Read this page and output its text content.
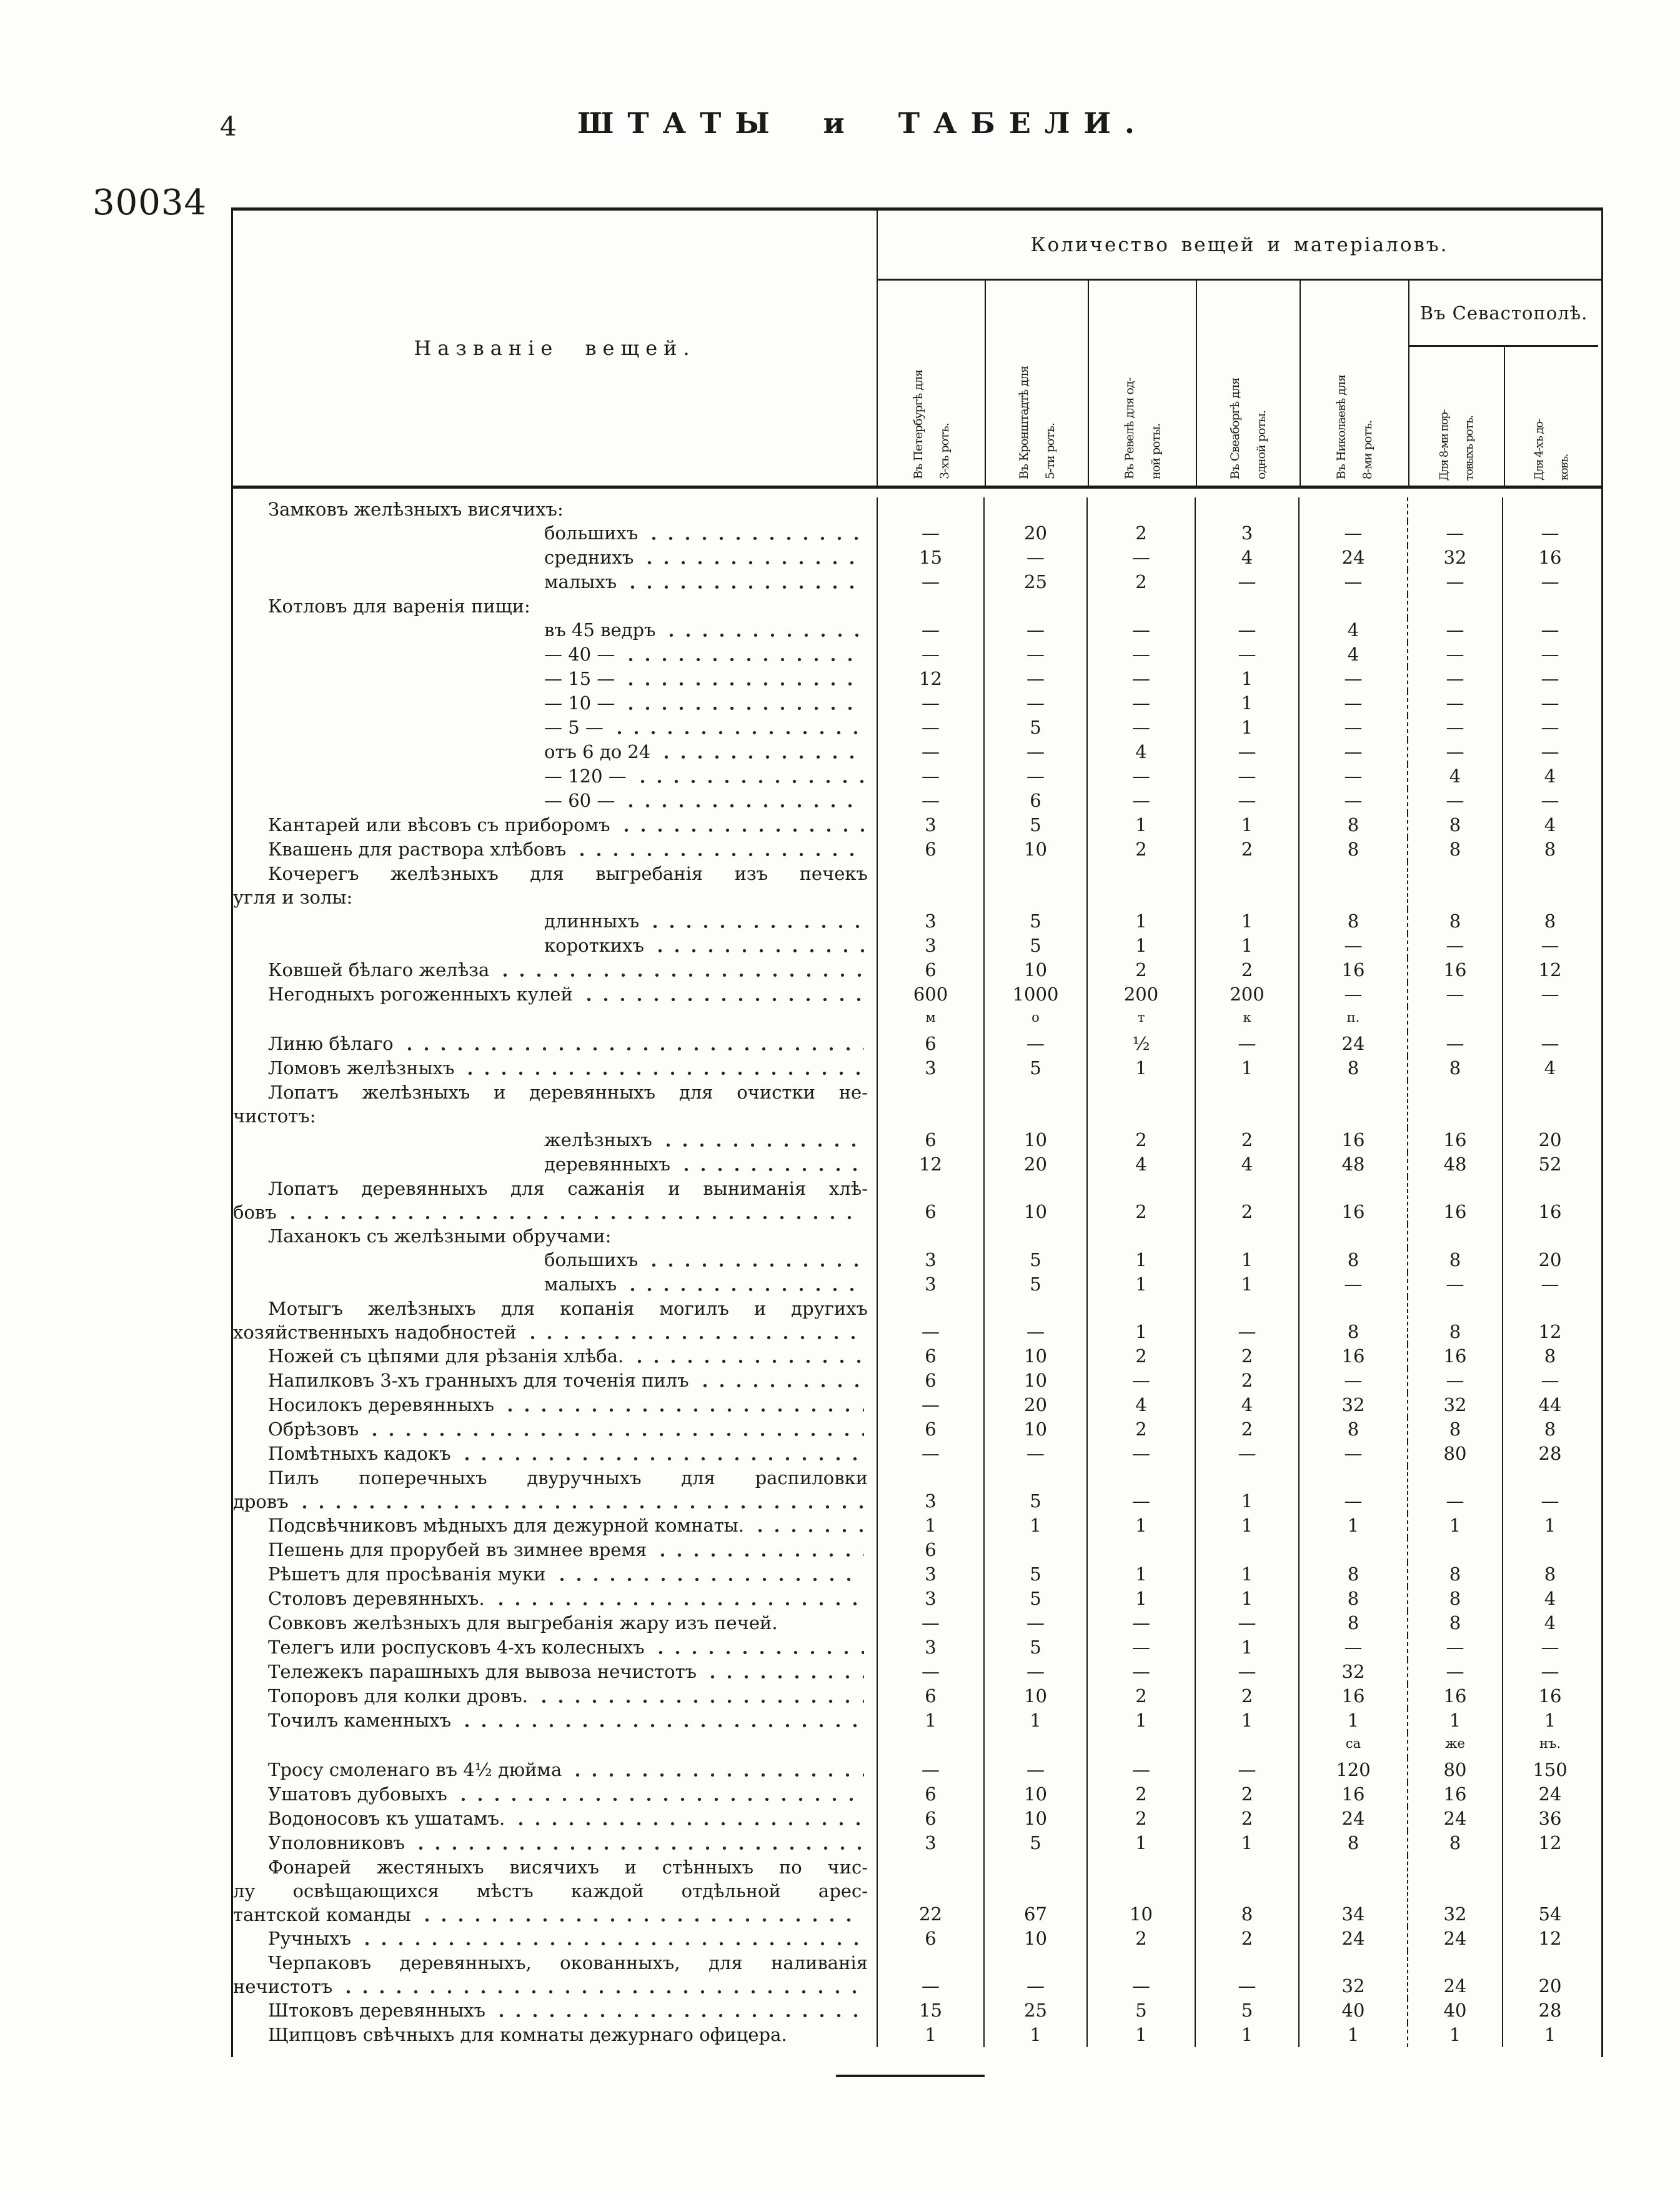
4	ШТАТЫ и ТАБЕЛИ.
30034
Названіе вещей.
Количество вещей и матеріаловъ.
Въ Петербургѣ для	3-хъ ротъ.	Въ Кронштадтѣ для	5-ти ротъ.	Въ Ревелѣ для од-	ной роты.	Въ Свеаборгѣ для	одной роты.	Въ Николаевѣ для	8-ми ротъ.
Въ Севастополѣ.
Для 8-ми пор-	товыхъ ротъ.	Для 4-хъ до-	ковъ.
Замковъ желѣзныхъ висячихъ:
большихъ	—	20	2	3	—	—	—
среднихъ	15	—	—	4	24	32	16
малыхъ	—	25	2	—	—	—	—
Котловъ для варенія пищи:
въ 45 ведръ	—	—	—	—	4	—	—
— 40 —	—	—	—	—	4	—	—
— 15 —	12	—	—	1	—	—	—
— 10 —	—	—	—	1	—	—	—
— 5 —	—	5	—	1	—	—	—
отъ 6 до 24	—	—	4	—	—	—	—
— 120 —	—	—	—	—	—	4	4
— 60 —	—	6	—	—	—	—	—
Кантарей или вѣсовъ съ приборомъ	3	5	1	1	8	8	4
Квашень для раствора хлѣбовъ	6	10	2	2	8	8	8
Кочерегъ желѣзныхъ для выгребанія изъ печекъ
угля и золы:
длинныхъ	3	5	1	1	8	8	8
короткихъ	3	5	1	1	—	—	—
Ковшей бѣлаго желѣза	6	10	2	2	16	16	12
Негодныхъ рогоженныхъ кулей	600	1000	200	200	—	—	—
м	о	т	к	п.
Линю бѣлаго	6	—	½	—	24	—	—
Ломовъ желѣзныхъ	3	5	1	1	8	8	4
Лопатъ желѣзныхъ и деревянныхъ для очистки не-
чистотъ:
желѣзныхъ	6	10	2	2	16	16	20
деревянныхъ	12	20	4	4	48	48	52
Лопатъ деревянныхъ для сажанія и выниманія хлѣ-
бовъ	6	10	2	2	16	16	16
Лаханокъ съ желѣзными обручами:
большихъ	3	5	1	1	8	8	20
малыхъ	3	5	1	1	—	—	—
Мотыгъ желѣзныхъ для копанія могилъ и другихъ
хозяйственныхъ надобностей	—	—	1	—	8	8	12
Ножей съ цѣпями для рѣзанія хлѣба.	6	10	2	2	16	16	8
Напилковъ 3-хъ гранныхъ для точенія пилъ	6	10	—	2	—	—	—
Носилокъ деревянныхъ	—	20	4	4	32	32	44
Обрѣзовъ	6	10	2	2	8	8	8
Помѣтныхъ кадокъ	—	—	—	—	—	80	28
Пилъ поперечныхъ двуручныхъ для распиловки
дровъ	3	5	—	1	—	—	—
Подсвѣчниковъ мѣдныхъ для дежурной комнаты.	1	1	1	1	1	1	1
Пешень для прорубей въ зимнее время	6
Рѣшетъ для просѣванія муки	3	5	1	1	8	8	8
Столовъ деревянныхъ.	3	5	1	1	8	8	4
Совковъ желѣзныхъ для выгребанія жару изъ печей.	—	—	—	—	8	8	4
Телегъ или роспусковъ 4-хъ колесныхъ	3	5	—	1	—	—	—
Тележекъ парашныхъ для вывоза нечистотъ	—	—	—	—	32	—	—
Топоровъ для колки дровъ.	6	10	2	2	16	16	16
Точилъ каменныхъ	1	1	1	1	1	1	1
са	же	нъ.
Тросу смоленаго въ 4½ дюйма	—	—	—	—	120	80	150
Ушатовъ дубовыхъ	6	10	2	2	16	16	24
Водоносовъ къ ушатамъ.	6	10	2	2	24	24	36
Уполовниковъ	3	5	1	1	8	8	12
Фонарей жестяныхъ висячихъ и стѣнныхъ по чис-
лу освѣщающихся мѣстъ каждой отдѣльной арес-
тантской команды	22	67	10	8	34	32	54
Ручныхъ	6	10	2	2	24	24	12
Черпаковъ деревянныхъ, окованныхъ, для наливанія
нечистотъ	—	—	—	—	32	24	20
Штоковъ деревянныхъ	15	25	5	5	40	40	28
Щипцовъ свѣчныхъ для комнаты дежурнаго офицера.	1	1	1	1	1	1	1
